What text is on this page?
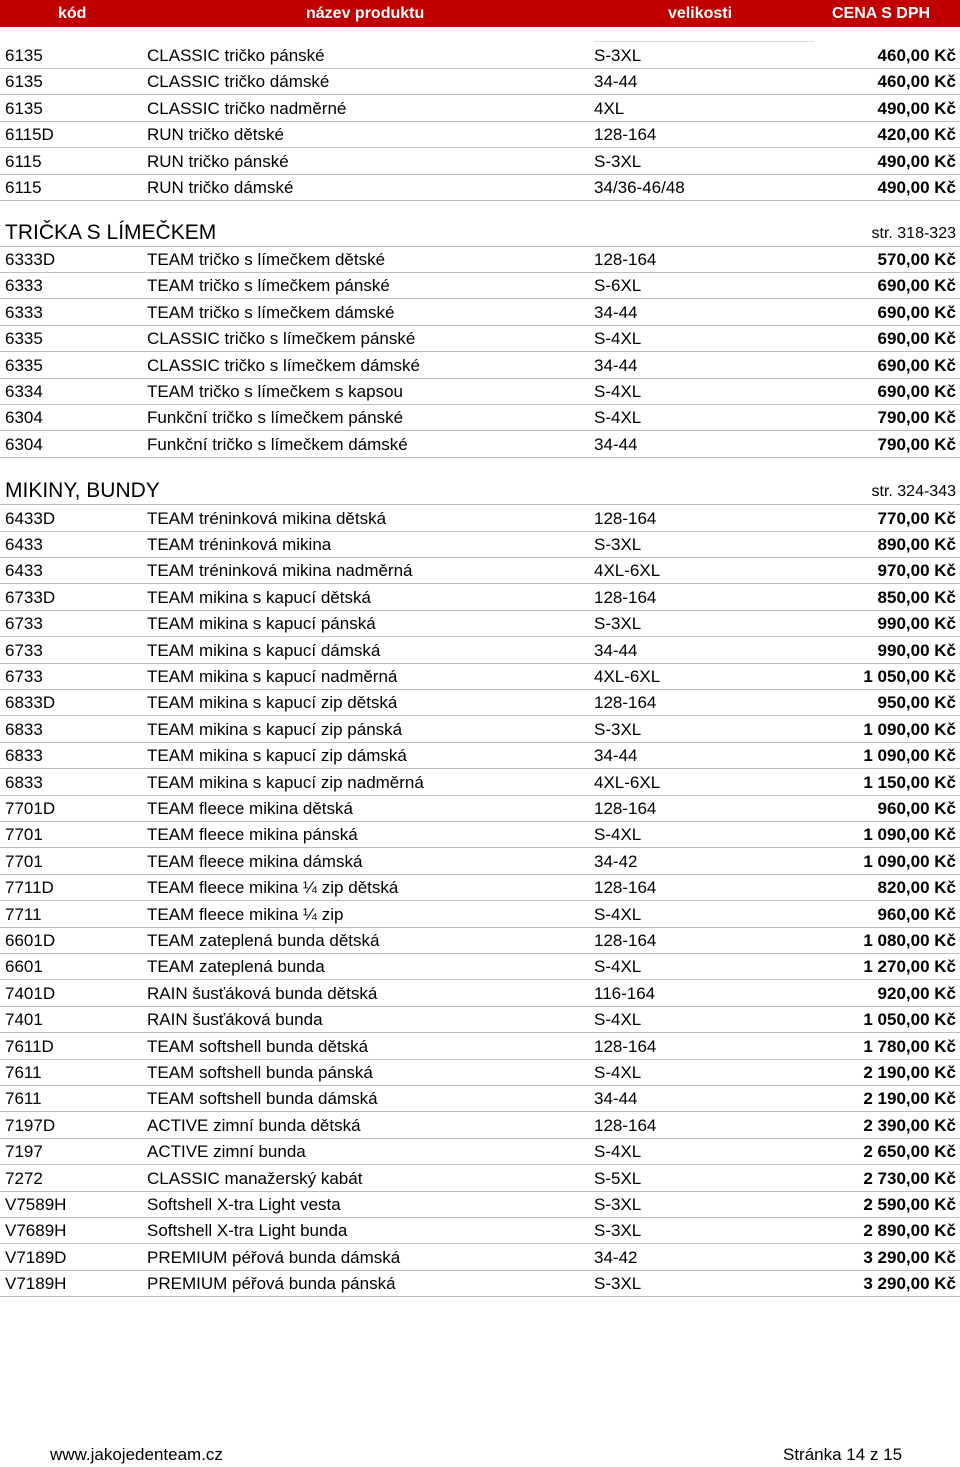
kód	název produktu	velikosti	CENA S DPH
6135	CLASSIC tričko pánské	S-3XL	460,00 Kč
6135	CLASSIC tričko dámské	34-44	460,00 Kč
6135	CLASSIC tričko nadměrné	4XL	490,00 Kč
6115D	RUN tričko dětské	128-164	420,00 Kč
6115	RUN tričko pánské	S-3XL	490,00 Kč
6115	RUN tričko dámské	34/36-46/48	490,00 Kč
TRIČKA S LÍMEČKEM	str. 318-323
6333D	TEAM tričko s límečkem dětské	128-164	570,00 Kč
6333	TEAM tričko s límečkem pánské	S-6XL	690,00 Kč
6333	TEAM tričko s límečkem dámské	34-44	690,00 Kč
6335	CLASSIC tričko s límečkem pánské	S-4XL	690,00 Kč
6335	CLASSIC tričko s límečkem dámské	34-44	690,00 Kč
6334	TEAM tričko s límečkem s kapsou	S-4XL	690,00 Kč
6304	Funkční tričko s límečkem pánské	S-4XL	790,00 Kč
6304	Funkční tričko s límečkem dámské	34-44	790,00 Kč
MIKINY, BUNDY	str. 324-343
6433D	TEAM tréninková mikina dětská	128-164	770,00 Kč
6433	TEAM tréninková mikina	S-3XL	890,00 Kč
6433	TEAM tréninková mikina nadměrná	4XL-6XL	970,00 Kč
6733D	TEAM mikina s kapucí dětská	128-164	850,00 Kč
6733	TEAM mikina s kapucí pánská	S-3XL	990,00 Kč
6733	TEAM mikina s kapucí dámská	34-44	990,00 Kč
6733	TEAM mikina s kapucí nadměrná	4XL-6XL	1 050,00 Kč
6833D	TEAM mikina s kapucí zip dětská	128-164	950,00 Kč
6833	TEAM mikina s kapucí zip pánská	S-3XL	1 090,00 Kč
6833	TEAM mikina s kapucí zip dámská	34-44	1 090,00 Kč
6833	TEAM mikina s kapucí zip nadměrná	4XL-6XL	1 150,00 Kč
7701D	TEAM fleece mikina dětská	128-164	960,00 Kč
7701	TEAM fleece mikina pánská	S-4XL	1 090,00 Kč
7701	TEAM fleece mikina dámská	34-42	1 090,00 Kč
7711D	TEAM fleece mikina ¼ zip dětská	128-164	820,00 Kč
7711	TEAM fleece mikina ¼ zip	S-4XL	960,00 Kč
6601D	TEAM zateplená bunda dětská	128-164	1 080,00 Kč
6601	TEAM zateplená bunda	S-4XL	1 270,00 Kč
7401D	RAIN šusťáková bunda dětská	116-164	920,00 Kč
7401	RAIN šusťáková bunda	S-4XL	1 050,00 Kč
7611D	TEAM softshell bunda dětská	128-164	1 780,00 Kč
7611	TEAM softshell bunda pánská	S-4XL	2 190,00 Kč
7611	TEAM softshell bunda dámská	34-44	2 190,00 Kč
7197D	ACTIVE zimní bunda dětská	128-164	2 390,00 Kč
7197	ACTIVE zimní bunda	S-4XL	2 650,00 Kč
7272	CLASSIC manažerský kabát	S-5XL	2 730,00 Kč
V7589H	Softshell X-tra Light vesta	S-3XL	2 590,00 Kč
V7689H	Softshell X-tra Light bunda	S-3XL	2 890,00 Kč
V7189D	PREMIUM péřová bunda dámská	34-42	3 290,00 Kč
V7189H	PREMIUM péřová bunda pánská	S-3XL	3 290,00 Kč
www.jakojedenteam.cz	Stránka 14 z 15
